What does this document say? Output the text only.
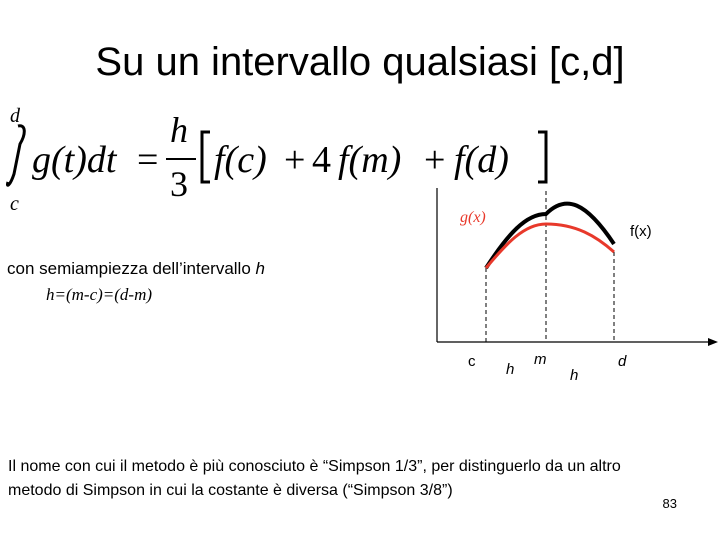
Su un intervallo qualsiasi [c,d]
d
c
g(t)dt =
h
3
f(c) + 4 f(m) + f(d)
con semiampiezza dell’intervallo h
h=(m-c)=(d-m)
g(x)
f(x)
c h
m
h
d
Il nome con cui il metodo è più conosciuto è “Simpson 1/3”, per distinguerlo da un altro
metodo di Simpson in cui la costante è diversa (“Simpson 3/8”)
83
